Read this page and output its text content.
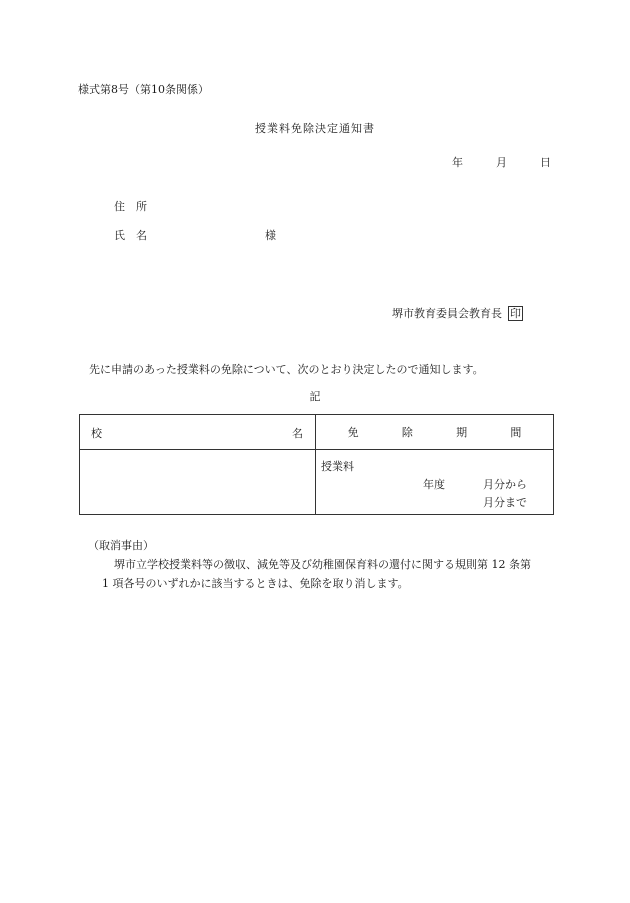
様式第8号（第10条関係）
授業料免除決定通知書
年	月	日
住　所
氏　名	様
堺市教育委員会教育長 印
先に申請のあった授業料の免除について、次のとおり決定したので通知します。
記
校 名	免 除 期 間

	授業料
年度 月分から
月分まで
（取消事由）
堺市立学校授業料等の徴収、減免等及び幼稚園保育料の還付に関する規則第 12 条第
1 項各号のいずれかに該当するときは、免除を取り消します。
